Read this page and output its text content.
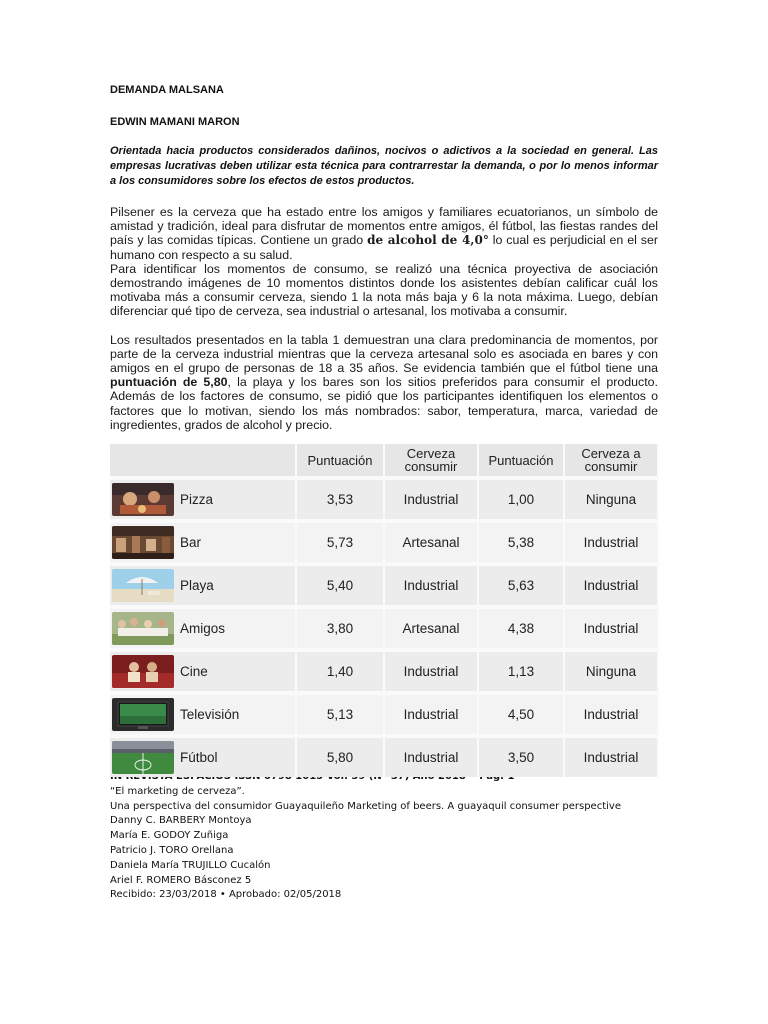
DEMANDA MALSANA

EDWIN MAMANI MARON

Orientada hacia productos considerados dañinos, nocivos o adictivos a la sociedad en general. Las empresas lucrativas deben utilizar esta técnica para contrarrestar la demanda, o por lo menos informar a los consumidores sobre los efectos de estos productos.

Pilsener es la cerveza que ha estado entre los amigos y familiares ecuatorianos, un símbolo de amistad y tradición, ideal para disfrutar de momentos entre amigos, él fútbol, las fiestas randes del país y las comidas típicas. Contiene un grado de alcohol de 4,0° lo cual es perjudicial en el ser humano con respecto a su salud.

Para identificar los momentos de consumo, se realizó una técnica proyectiva de asociación demostrando imágenes de 10 momentos distintos donde los asistentes debían calificar cuál los motivaba más a consumir cerveza, siendo 1 la nota más baja y 6 la nota máxima. Luego, debían diferenciar qué tipo de cerveza, sea industrial o artesanal, los motivaba a consumir.

Los resultados presentados en la tabla 1 demuestran una clara predominancia de momentos, por parte de la cerveza industrial mientras que la cerveza artesanal solo es asociada en bares y con amigos en el grupo de personas de 18 a 35 años. Se evidencia también que el fútbol tiene una puntuación de 5,80, la playa y los bares son los sitios preferidos para consumir el producto. Además de los factores de consumo, se pidió que los participantes identifiquen los elementos o factores que lo motivan, siendo los más nombrados: sabor, temperatura, marca, variedad de ingredientes, grados de alcohol y precio.

	Puntuación	Cerveza consumir	Puntuación	Cerveza a consumir

Pizza	3,53	Industrial	1,00	Ninguna

Bar	5,73	Artesanal	5,38	Industrial

Playa	5,40	Industrial	5,63	Industrial

Amigos	3,80	Artesanal	4,38	Industrial

Cine	1,40	Industrial	1,13	Ninguna

Televisión	5,13	Industrial	4,50	Industrial

Fútbol	5,80	Industrial	3,50	Industrial

“El marketing de cerveza”.

Una perspectiva del consumidor Guayaquileño Marketing of beers. A guayaquil consumer perspective

Danny C. BARBERY Montoya

María E. GODOY Zuñiga

Patricio J. TORO Orellana

Daniela María TRUJILLO Cucalón

Ariel F. ROMERO Básconez 5

Recibido: 23/03/2018 • Aprobado: 02/05/2018
